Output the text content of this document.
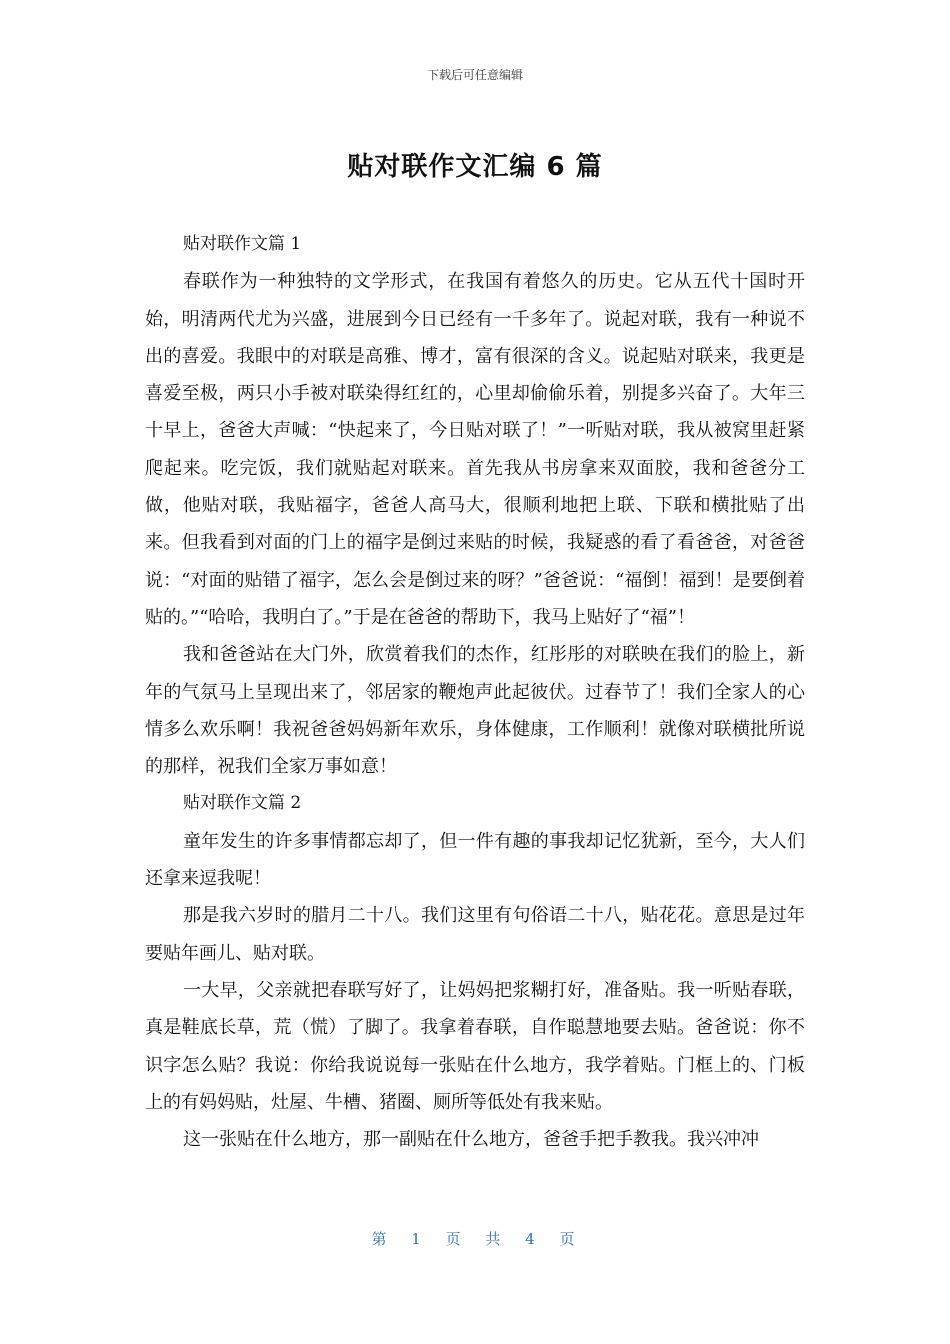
下载后可任意编辑
贴对联作文汇编 6 篇

贴对联作文篇 1

春联作为一种独特的文学形式，在我国有着悠久的历史。它从五代十国时开始，明清两代尤为兴盛，进展到今日已经有一千多年了。说起对联，我有一种说不出的喜爱。我眼中的对联是高雅、博才，富有很深的含义。说起贴对联来，我更是喜爱至极，两只小手被对联染得红红的，心里却偷偷乐着，别提多兴奋了。大年三十早上，爸爸大声喊：“快起来了，今日贴对联了！”一听贴对联，我从被窝里赶紧爬起来。吃完饭，我们就贴起对联来。首先我从书房拿来双面胶，我和爸爸分工做，他贴对联，我贴福字，爸爸人高马大，很顺利地把上联、下联和横批贴了出来。但我看到对面的门上的福字是倒过来贴的时候，我疑惑的看了看爸爸，对爸爸说：“对面的贴错了福字，怎么会是倒过来的呀？”爸爸说：“福倒！福到！是要倒着贴的。”“哈哈，我明白了。”于是在爸爸的帮助下，我马上贴好了“福”！

我和爸爸站在大门外，欣赏着我们的杰作，红彤彤的对联映在我们的脸上，新年的气氛马上呈现出来了，邻居家的鞭炮声此起彼伏。过春节了！我们全家人的心情多么欢乐啊！我祝爸爸妈妈新年欢乐，身体健康，工作顺利！就像对联横批所说的那样，祝我们全家万事如意！

贴对联作文篇 2

童年发生的许多事情都忘却了，但一件有趣的事我却记忆犹新，至今，大人们还拿来逗我呢！

那是我六岁时的腊月二十八。我们这里有句俗语二十八，贴花花。意思是过年要贴年画儿、贴对联。

一大早，父亲就把春联写好了，让妈妈把浆糊打好，准备贴。我一听贴春联，真是鞋底长草，荒（慌）了脚了。我拿着春联，自作聪慧地要去贴。爸爸说：你不识字怎么贴？我说：你给我说说每一张贴在什么地方，我学着贴。门框上的、门板上的有妈妈贴，灶屋、牛槽、猪圈、厕所等低处有我来贴。

这一张贴在什么地方，那一副贴在什么地方，爸爸手把手教我。我兴冲冲

第 1 页 共 4 页
